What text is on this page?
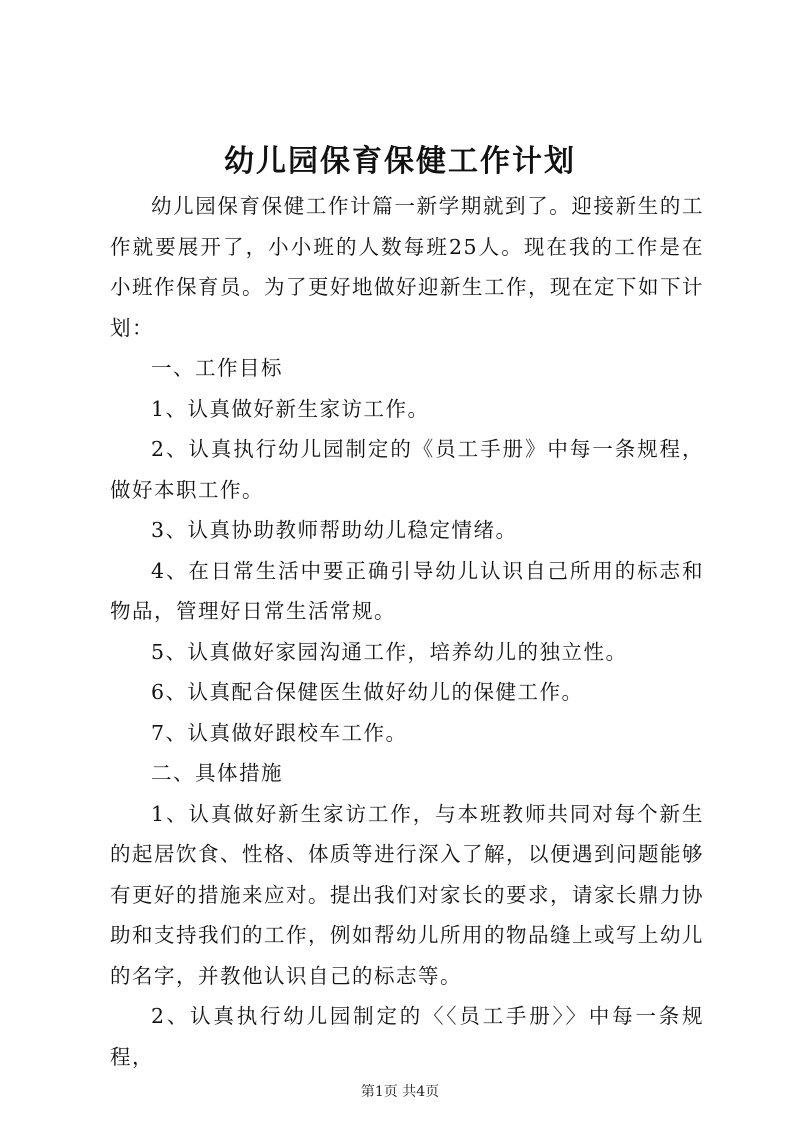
幼儿园保育保健工作计划

幼儿园保育保健工作计篇一新学期就到了。迎接新生的工作就要展开了，小小班的人数每班25人。现在我的工作是在小班作保育员。为了更好地做好迎新生工作，现在定下如下计划：

一、工作目标

1、认真做好新生家访工作。

2、认真执行幼儿园制定的《员工手册》中每一条规程，做好本职工作。

3、认真协助教师帮助幼儿稳定情绪。

4、在日常生活中要正确引导幼儿认识自己所用的标志和物品，管理好日常生活常规。

5、认真做好家园沟通工作，培养幼儿的独立性。

6、认真配合保健医生做好幼儿的保健工作。

7、认真做好跟校车工作。

二、具体措施

1、认真做好新生家访工作，与本班教师共同对每个新生的起居饮食、性格、体质等进行深入了解，以便遇到问题能够有更好的措施来应对。提出我们对家长的要求，请家长鼎力协助和支持我们的工作，例如帮幼儿所用的物品缝上或写上幼儿的名字，并教他认识自己的标志等。

2、认真执行幼儿园制定的〈〈员工手册〉〉中每一条规程，

第1页 共4页
